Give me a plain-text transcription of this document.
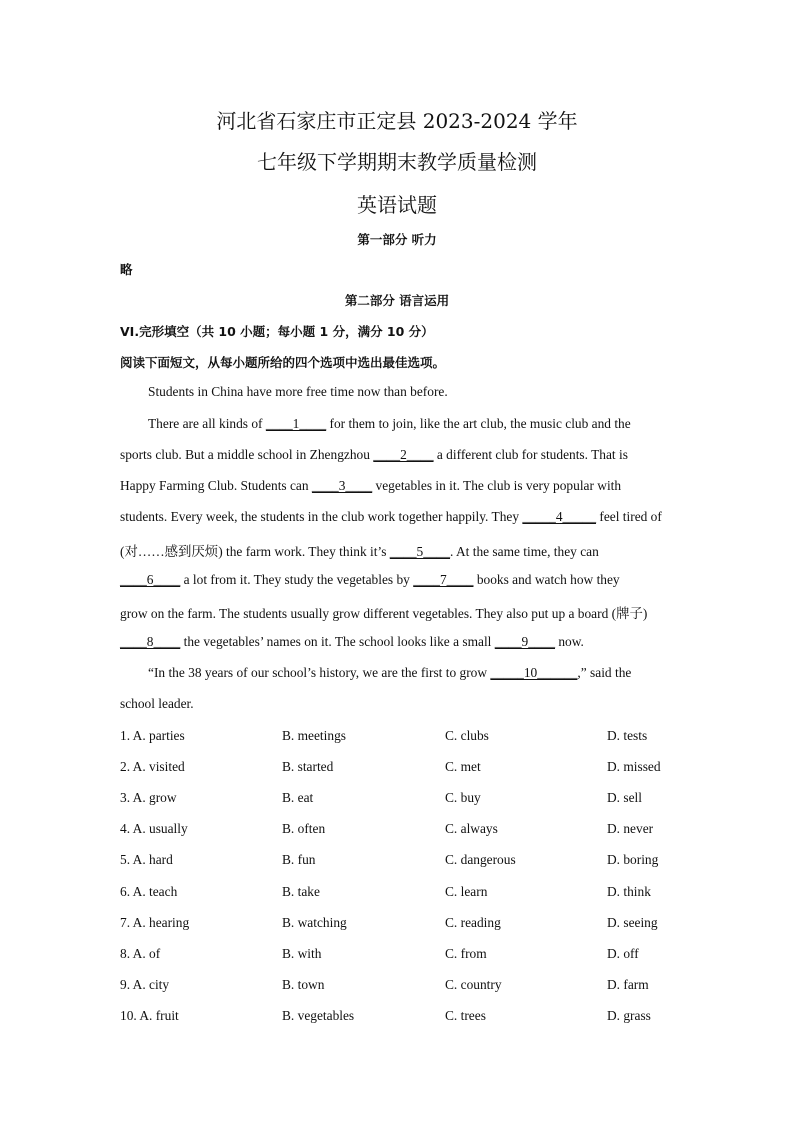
河北省石家庄市正定县 2023-2024 学年
七年级下学期期末教学质量检测
英语试题
第一部分 听力
略
第二部分 语言运用
VI.完形填空（共 10 小题；每小题 1 分，满分 10 分）
阅读下面短文，从每小题所给的四个选项中选出最佳选项。
Students in China have more free time now than before.
There are all kinds of ____1____ for them to join, like the art club, the music club and the
sports club. But a middle school in Zhengzhou ____2____ a different club for students. That is
Happy Farming Club. Students can ____3____ vegetables in it. The club is very popular with
students. Every week, the students in the club work together happily. They _____4_____ feel tired of
(对……感到厌烦) the farm work. They think it’s ____5____. At the same time, they can
____6____ a lot from it. They study the vegetables by ____7____ books and watch how they
grow on the farm. The students usually grow different vegetables. They also put up a board (牌子)
____8____ the vegetables’ names on it. The school looks like a small ____9____ now.
“In the 38 years of our school’s history, we are the first to grow _____10______,” said the
school leader.
1. A. parties	B. meetings	C. clubs	D. tests
2. A. visited	B. started	C. met	D. missed
3. A. grow	B. eat	C. buy	D. sell
4. A. usually	B. often	C. always	D. never
5. A. hard	B. fun	C. dangerous	D. boring
6. A. teach	B. take	C. learn	D. think
7. A. hearing	B. watching	C. reading	D. seeing
8. A. of	B. with	C. from	D. off
9. A. city	B. town	C. country	D. farm
10. A. fruit	B. vegetables	C. trees	D. grass
